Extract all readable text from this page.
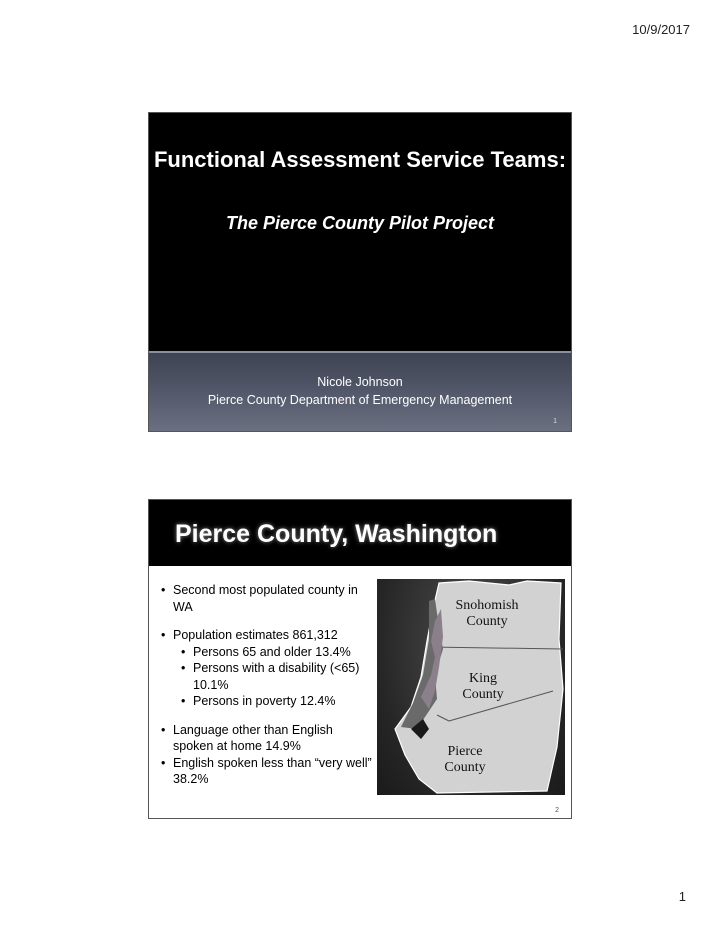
10/9/2017
Functional Assessment Service Teams:
The Pierce County Pilot Project
Nicole Johnson
Pierce County Department of Emergency Management
1
Pierce County, Washington
• Second most populated county in WA
• Population estimates 861,312
• Persons 65 and older 13.4%
• Persons with a disability (<65) 10.1%
• Persons in poverty 12.4%
• Language other than English spoken at home 14.9%
• English spoken less than “very well” 38.2%
Snohomish
County
King
County
Pierce
County
2
1
